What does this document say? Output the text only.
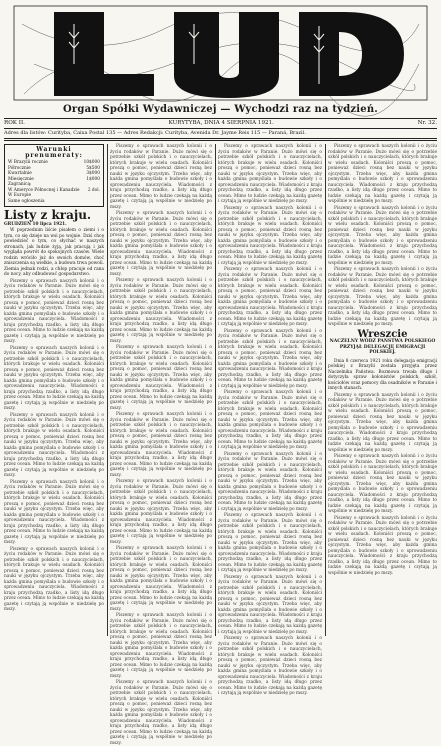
Organ Spółki Wydawniczej — Wychodzi raz na tydzień.
ROK II.	KURYTYBA, DNIA 4 SIERPNIA 1921.	Nr. 32.
Adres dla listów: Curityba, Caixa Postal 135 — Adres Redakcji: Curityba, Avenida Dr. Jayme Reis 115 — Paraná, Brazil.
Warunki prenumeraty:
W Brazylii rocznie	10$000
Półrocznie	5$500
Kwartalnie	3$000
Miesięcznie	1$000
Zagranicą:
W Ameryce Północnej i Kanadzie 2 dol.
W Europie
Same ogłoszenia
Listy z kraju.

GRUDZIEŃ 10 lipca 1921.

W poprzednim liście pisałem o ziemi i o tym, co się dzieje na wsi po wojnie. Dziś chcę powiedzieć o tym, co słychać w naszych stronach, jak ludzie żyją, jak pracują i jak wygląda powrót do spokojnych czasów. Wiele rodzin wróciło już do swoich domów, choć zniszczenia są wielkie, a budowa trwa powoli. Ziemia jednak rodzi, a chłop pracuje od rana do nocy, aby odbudować gospodarstwo.

Piszemy o sprawach naszych kolonii i o życiu rodaków w Paranie. Dużo mówi się o potrzebie szkół polskich i o nauczycielach, których brakuje w wielu osadach. Koloniści proszą o pomoc, ponieważ dzieci rosną bez nauki w języku ojczystym. Trzeba więc, aby każda gmina pomyślała o budowie szkoły i o sprowadzeniu nauczyciela. Wiadomości z kraju przychodzą rzadko, a listy idą długo przez ocean. Mimo to ludzie czekają na każdą gazetę i czytają ją wspólnie w niedzielę po mszy.

Piszemy o sprawach naszych kolonii i o życiu rodaków w Paranie. Dużo mówi się o potrzebie szkół polskich i o nauczycielach, których brakuje w wielu osadach. Koloniści proszą o pomoc, ponieważ dzieci rosną bez nauki w języku ojczystym. Trzeba więc, aby każda gmina pomyślała o budowie szkoły i o sprowadzeniu nauczyciela. Wiadomości z kraju przychodzą rzadko, a listy idą długo przez ocean. Mimo to ludzie czekają na każdą gazetę i czytają ją wspólnie w niedzielę po mszy.

Piszemy o sprawach naszych kolonii i o życiu rodaków w Paranie. Dużo mówi się o potrzebie szkół polskich i o nauczycielach, których brakuje w wielu osadach. Koloniści proszą o pomoc, ponieważ dzieci rosną bez nauki w języku ojczystym. Trzeba więc, aby każda gmina pomyślała o budowie szkoły i o sprowadzeniu nauczyciela. Wiadomości z kraju przychodzą rzadko, a listy idą długo przez ocean. Mimo to ludzie czekają na każdą gazetę i czytają ją wspólnie w niedzielę po mszy.

Piszemy o sprawach naszych kolonii i o życiu rodaków w Paranie. Dużo mówi się o potrzebie szkół polskich i o nauczycielach, których brakuje w wielu osadach. Koloniści proszą o pomoc, ponieważ dzieci rosną bez nauki w języku ojczystym. Trzeba więc, aby każda gmina pomyślała o budowie szkoły i o sprowadzeniu nauczyciela. Wiadomości z kraju przychodzą rzadko, a listy idą długo przez ocean. Mimo to ludzie czekają na każdą gazetę i czytają ją wspólnie w niedzielę po mszy.

Piszemy o sprawach naszych kolonii i o życiu rodaków w Paranie. Dużo mówi się o potrzebie szkół polskich i o nauczycielach, których brakuje w wielu osadach. Koloniści proszą o pomoc, ponieważ dzieci rosną bez nauki w języku ojczystym. Trzeba więc, aby każda gmina pomyślała o budowie szkoły i o sprowadzeniu nauczyciela. Wiadomości z kraju przychodzą rzadko, a listy idą długo przez ocean. Mimo to ludzie czekają na każdą gazetę i czytają ją wspólnie w niedzielę po mszy.

Piszemy o sprawach naszych kolonii i o życiu rodaków w Paranie. Dużo mówi się o potrzebie szkół polskich i o nauczycielach, których brakuje w wielu osadach. Koloniści proszą o pomoc, ponieważ dzieci rosną bez nauki w języku ojczystym. Trzeba więc, aby każda gmina pomyślała o budowie szkoły i o sprowadzeniu nauczyciela. Wiadomości z kraju przychodzą rzadko, a listy idą długo przez ocean. Mimo to ludzie czekają na każdą gazetę i czytają ją wspólnie w niedzielę po mszy.

Piszemy o sprawach naszych kolonii i o życiu rodaków w Paranie. Dużo mówi się o potrzebie szkół polskich i o nauczycielach, których brakuje w wielu osadach. Koloniści proszą o pomoc, ponieważ dzieci rosną bez nauki w języku ojczystym. Trzeba więc, aby każda gmina pomyślała o budowie szkoły i o sprowadzeniu nauczyciela. Wiadomości z kraju przychodzą rzadko, a listy idą długo przez ocean. Mimo to ludzie czekają na każdą gazetę i czytają ją wspólnie w niedzielę po mszy.

Piszemy o sprawach naszych kolonii i o życiu rodaków w Paranie. Dużo mówi się o potrzebie szkół polskich i o nauczycielach, których brakuje w wielu osadach. Koloniści proszą o pomoc, ponieważ dzieci rosną bez nauki w języku ojczystym. Trzeba więc, aby każda gmina pomyślała o budowie szkoły i o sprowadzeniu nauczyciela. Wiadomości z kraju przychodzą rzadko, a listy idą długo przez ocean. Mimo to ludzie czekają na każdą gazetę i czytają ją wspólnie w niedzielę po mszy.

Piszemy o sprawach naszych kolonii i o życiu rodaków w Paranie. Dużo mówi się o potrzebie szkół polskich i o nauczycielach, których brakuje w wielu osadach. Koloniści proszą o pomoc, ponieważ dzieci rosną bez nauki w języku ojczystym. Trzeba więc, aby każda gmina pomyślała o budowie szkoły i o sprowadzeniu nauczyciela. Wiadomości z kraju przychodzą rzadko, a listy idą długo przez ocean. Mimo to ludzie czekają na każdą gazetę i czytają ją wspólnie w niedzielę po mszy.

Piszemy o sprawach naszych kolonii i o życiu rodaków w Paranie. Dużo mówi się o potrzebie szkół polskich i o nauczycielach, których brakuje w wielu osadach. Koloniści proszą o pomoc, ponieważ dzieci rosną bez nauki w języku ojczystym. Trzeba więc, aby każda gmina pomyślała o budowie szkoły i o sprowadzeniu nauczyciela. Wiadomości z kraju przychodzą rzadko, a listy idą długo przez ocean. Mimo to ludzie czekają na każdą gazetę i czytają ją wspólnie w niedzielę po mszy.

Piszemy o sprawach naszych kolonii i o życiu rodaków w Paranie. Dużo mówi się o potrzebie szkół polskich i o nauczycielach, których brakuje w wielu osadach. Koloniści proszą o pomoc, ponieważ dzieci rosną bez nauki w języku ojczystym. Trzeba więc, aby każda gmina pomyślała o budowie szkoły i o sprowadzeniu nauczyciela. Wiadomości z kraju przychodzą rzadko, a listy idą długo przez ocean. Mimo to ludzie czekają na każdą gazetę i czytają ją wspólnie w niedzielę po mszy.

Piszemy o sprawach naszych kolonii i o życiu rodaków w Paranie. Dużo mówi się o potrzebie szkół polskich i o nauczycielach, których brakuje w wielu osadach. Koloniści proszą o pomoc, ponieważ dzieci rosną bez nauki w języku ojczystym. Trzeba więc, aby każda gmina pomyślała o budowie szkoły i o sprowadzeniu nauczyciela. Wiadomości z kraju przychodzą rzadko, a listy idą długo przez ocean. Mimo to ludzie czekają na każdą gazetę i czytają ją wspólnie w niedzielę po mszy.

Piszemy o sprawach naszych kolonii i o życiu rodaków w Paranie. Dużo mówi się o potrzebie szkół polskich i o nauczycielach, których brakuje w wielu osadach. Koloniści proszą o pomoc, ponieważ dzieci rosną bez nauki w języku ojczystym. Trzeba więc, aby każda gmina pomyślała o budowie szkoły i o sprowadzeniu nauczyciela. Wiadomości z kraju przychodzą rzadko, a listy idą długo przez ocean. Mimo to ludzie czekają na każdą gazetę i czytają ją wspólnie w niedzielę po mszy.

Piszemy o sprawach naszych kolonii i o życiu rodaków w Paranie. Dużo mówi się o potrzebie szkół polskich i o nauczycielach, których brakuje w wielu osadach. Koloniści proszą o pomoc, ponieważ dzieci rosną bez nauki w języku ojczystym. Trzeba więc, aby każda gmina pomyślała o budowie szkoły i o sprowadzeniu nauczyciela. Wiadomości z kraju przychodzą rzadko, a listy idą długo przez ocean. Mimo to ludzie czekają na każdą gazetę i czytają ją wspólnie w niedzielę po mszy.

Piszemy o sprawach naszych kolonii i o życiu rodaków w Paranie. Dużo mówi się o potrzebie szkół polskich i o nauczycielach, których brakuje w wielu osadach. Koloniści proszą o pomoc, ponieważ dzieci rosną bez nauki w języku ojczystym. Trzeba więc, aby każda gmina pomyślała o budowie szkoły i o sprowadzeniu nauczyciela. Wiadomości z kraju przychodzą rzadko, a listy idą długo przez ocean. Mimo to ludzie czekają na każdą gazetę i czytają ją wspólnie w niedzielę po mszy.

Piszemy o sprawach naszych kolonii i o życiu rodaków w Paranie. Dużo mówi się o potrzebie szkół polskich i o nauczycielach, których brakuje w wielu osadach. Koloniści proszą o pomoc, ponieważ dzieci rosną bez nauki w języku ojczystym. Trzeba więc, aby każda gmina pomyślała o budowie szkoły i o sprowadzeniu nauczyciela. Wiadomości z kraju przychodzą rzadko, a listy idą długo przez ocean. Mimo to ludzie czekają na każdą gazetę i czytają ją wspólnie w niedzielę po mszy.

Piszemy o sprawach naszych kolonii i o życiu rodaków w Paranie. Dużo mówi się o potrzebie szkół polskich i o nauczycielach, których brakuje w wielu osadach. Koloniści proszą o pomoc, ponieważ dzieci rosną bez nauki w języku ojczystym. Trzeba więc, aby każda gmina pomyślała o budowie szkoły i o sprowadzeniu nauczyciela. Wiadomości z kraju przychodzą rzadko, a listy idą długo przez ocean. Mimo to ludzie czekają na każdą gazetę i czytają ją wspólnie w niedzielę po mszy.

Piszemy o sprawach naszych kolonii i o życiu rodaków w Paranie. Dużo mówi się o potrzebie szkół polskich i o nauczycielach, których brakuje w wielu osadach. Koloniści proszą o pomoc, ponieważ dzieci rosną bez nauki w języku ojczystym. Trzeba więc, aby każda gmina pomyślała o budowie szkoły i o sprowadzeniu nauczyciela. Wiadomości z kraju przychodzą rzadko, a listy idą długo przez ocean. Mimo to ludzie czekają na każdą gazetę i czytają ją wspólnie w niedzielę po mszy.

Piszemy o sprawach naszych kolonii i o życiu rodaków w Paranie. Dużo mówi się o potrzebie szkół polskich i o nauczycielach, których brakuje w wielu osadach. Koloniści proszą o pomoc, ponieważ dzieci rosną bez nauki w języku ojczystym. Trzeba więc, aby każda gmina pomyślała o budowie szkoły i o sprowadzeniu nauczyciela. Wiadomości z kraju przychodzą rzadko, a listy idą długo przez ocean. Mimo to ludzie czekają na każdą gazetę i czytają ją wspólnie w niedzielę po mszy.

Piszemy o sprawach naszych kolonii i o życiu rodaków w Paranie. Dużo mówi się o potrzebie szkół polskich i o nauczycielach, których brakuje w wielu osadach. Koloniści proszą o pomoc, ponieważ dzieci rosną bez nauki w języku ojczystym. Trzeba więc, aby każda gmina pomyślała o budowie szkoły i o sprowadzeniu nauczyciela. Wiadomości z kraju przychodzą rzadko, a listy idą długo przez ocean. Mimo to ludzie czekają na każdą gazetę i czytają ją wspólnie w niedzielę po mszy.

Piszemy o sprawach naszych kolonii i o życiu rodaków w Paranie. Dużo mówi się o potrzebie szkół polskich i o nauczycielach, których brakuje w wielu osadach. Koloniści proszą o pomoc, ponieważ dzieci rosną bez nauki w języku ojczystym. Trzeba więc, aby każda gmina pomyślała o budowie szkoły i o sprowadzeniu nauczyciela. Wiadomości z kraju przychodzą rzadko, a listy idą długo przez ocean. Mimo to ludzie czekają na każdą gazetę i czytają ją wspólnie w niedzielę po mszy.

Piszemy o sprawach naszych kolonii i o życiu rodaków w Paranie. Dużo mówi się o potrzebie szkół polskich i o nauczycielach, których brakuje w wielu osadach. Koloniści proszą o pomoc, ponieważ dzieci rosną bez nauki w języku ojczystym. Trzeba więc, aby każda gmina pomyślała o budowie szkoły i o sprowadzeniu nauczyciela. Wiadomości z kraju przychodzą rzadko, a listy idą długo przez ocean. Mimo to ludzie czekają na każdą gazetę i czytają ją wspólnie w niedzielę po mszy.

Piszemy o sprawach naszych kolonii i o życiu rodaków w Paranie. Dużo mówi się o potrzebie szkół polskich i o nauczycielach, których brakuje w wielu osadach. Koloniści proszą o pomoc, ponieważ dzieci rosną bez nauki w języku ojczystym. Trzeba więc, aby każda gmina pomyślała o budowie szkoły i o sprowadzeniu nauczyciela. Wiadomości z kraju przychodzą rzadko, a listy idą długo przez ocean. Mimo to ludzie czekają na każdą gazetę i czytają ją wspólnie w niedzielę po mszy.

Piszemy o sprawach naszych kolonii i o życiu rodaków w Paranie. Dużo mówi się o potrzebie szkół polskich i o nauczycielach, których brakuje w wielu osadach. Koloniści proszą o pomoc, ponieważ dzieci rosną bez nauki w języku ojczystym. Trzeba więc, aby każda gmina pomyślała o budowie szkoły i o sprowadzeniu nauczyciela. Wiadomości z kraju przychodzą rzadko, a listy idą długo przez ocean. Mimo to ludzie czekają na każdą gazetę i czytają ją wspólnie w niedzielę po mszy.

Piszemy o sprawach naszych kolonii i o życiu rodaków w Paranie. Dużo mówi się o potrzebie szkół polskich i o nauczycielach, których brakuje w wielu osadach. Koloniści proszą o pomoc, ponieważ dzieci rosną bez nauki w języku ojczystym. Trzeba więc, aby każda gmina pomyślała o budowie szkoły i o sprowadzeniu nauczyciela. Wiadomości z kraju przychodzą rzadko, a listy idą długo przez ocean. Mimo to ludzie czekają na każdą gazetę i czytają ją wspólnie w niedzielę po mszy.

Piszemy o sprawach naszych kolonii i o życiu rodaków w Paranie. Dużo mówi się o potrzebie szkół polskich i o nauczycielach, których brakuje w wielu osadach. Koloniści proszą o pomoc, ponieważ dzieci rosną bez nauki w języku ojczystym. Trzeba więc, aby każda gmina pomyślała o budowie szkoły i o sprowadzeniu nauczyciela. Wiadomości z kraju przychodzą rzadko, a listy idą długo przez ocean. Mimo to ludzie czekają na każdą gazetę i czytają ją wspólnie w niedzielę po mszy.

Wreszcie
NACZELNY WÓDZ PAŃSTWA POLSKIEGO PRZYJĄŁ DELEGACJĘ EMIGRACJI POLSKIEJ.

Dnia 8 czerwca 1921 roku delegacja emigracji polskiej z Brazylii została przyjęta przez Naczelnika Państwa. Rozmowa trwała długo i dotyczyła spraw kolonistów polskich, szkół, kościołów oraz pomocy dla osadników w Paranie i innych stanach.

Piszemy o sprawach naszych kolonii i o życiu rodaków w Paranie. Dużo mówi się o potrzebie szkół polskich i o nauczycielach, których brakuje w wielu osadach. Koloniści proszą o pomoc, ponieważ dzieci rosną bez nauki w języku ojczystym. Trzeba więc, aby każda gmina pomyślała o budowie szkoły i o sprowadzeniu nauczyciela. Wiadomości z kraju przychodzą rzadko, a listy idą długo przez ocean. Mimo to ludzie czekają na każdą gazetę i czytają ją wspólnie w niedzielę po mszy.

Piszemy o sprawach naszych kolonii i o życiu rodaków w Paranie. Dużo mówi się o potrzebie szkół polskich i o nauczycielach, których brakuje w wielu osadach. Koloniści proszą o pomoc, ponieważ dzieci rosną bez nauki w języku ojczystym. Trzeba więc, aby każda gmina pomyślała o budowie szkoły i o sprowadzeniu nauczyciela. Wiadomości z kraju przychodzą rzadko, a listy idą długo przez ocean. Mimo to ludzie czekają na każdą gazetę i czytają ją wspólnie w niedzielę po mszy.

Piszemy o sprawach naszych kolonii i o życiu rodaków w Paranie. Dużo mówi się o potrzebie szkół polskich i o nauczycielach, których brakuje w wielu osadach. Koloniści proszą o pomoc, ponieważ dzieci rosną bez nauki w języku ojczystym. Trzeba więc, aby każda gmina pomyślała o budowie szkoły i o sprowadzeniu nauczyciela. Wiadomości z kraju przychodzą rzadko, a listy idą długo przez ocean. Mimo to ludzie czekają na każdą gazetę i czytają ją wspólnie w niedzielę po mszy.
